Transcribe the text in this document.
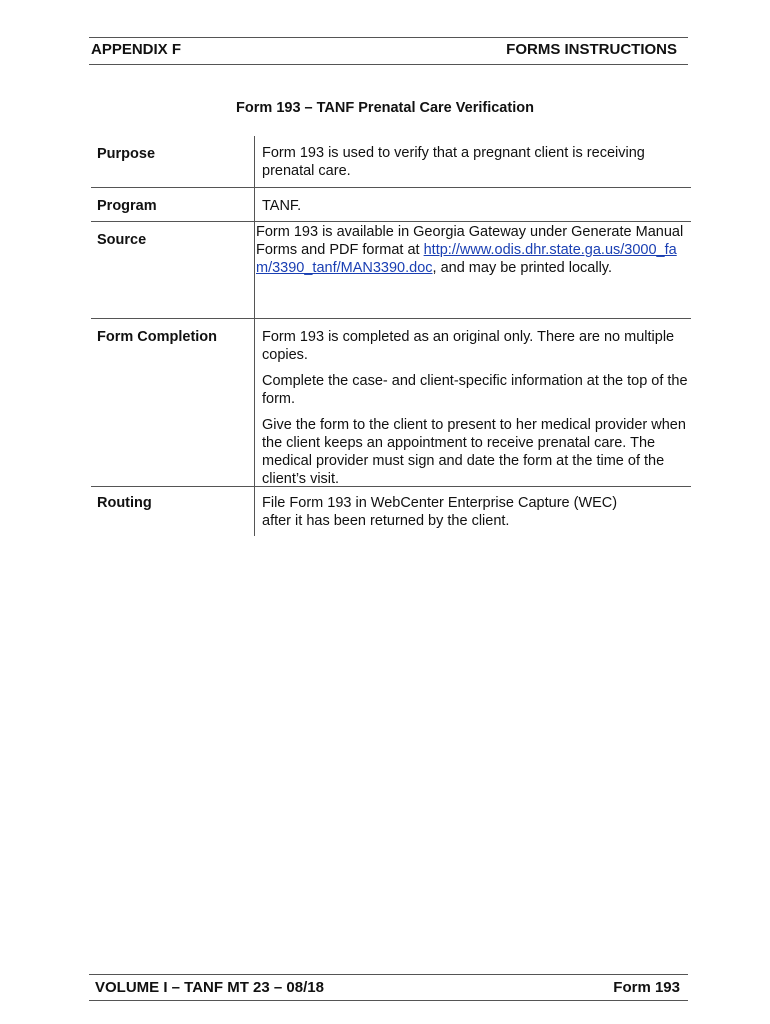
APPENDIX F	FORMS INSTRUCTIONS
Form 193 – TANF Prenatal Care Verification
Purpose	Form 193 is used to verify that a pregnant client is receiving prenatal care.

Program	TANF.

Source	Form 193 is available in Georgia Gateway under Generate Manual Forms and PDF format at http://www.odis.dhr.state.ga.us/3000_fam/3390_tanf/MAN3390.doc, and may be printed locally.

Form Completion	Form 193 is completed as an original only. There are no multiple copies.

Complete the case- and client-specific information at the top of the form.

Give the form to the client to present to her medical provider when the client keeps an appointment to receive prenatal care. The medical provider must sign and date the form at the time of the client’s visit.

Routing	File Form 193 in WebCenter Enterprise Capture (WEC) after it has been returned by the client.

VOLUME I – TANF MT 23 – 08/18	Form 193
